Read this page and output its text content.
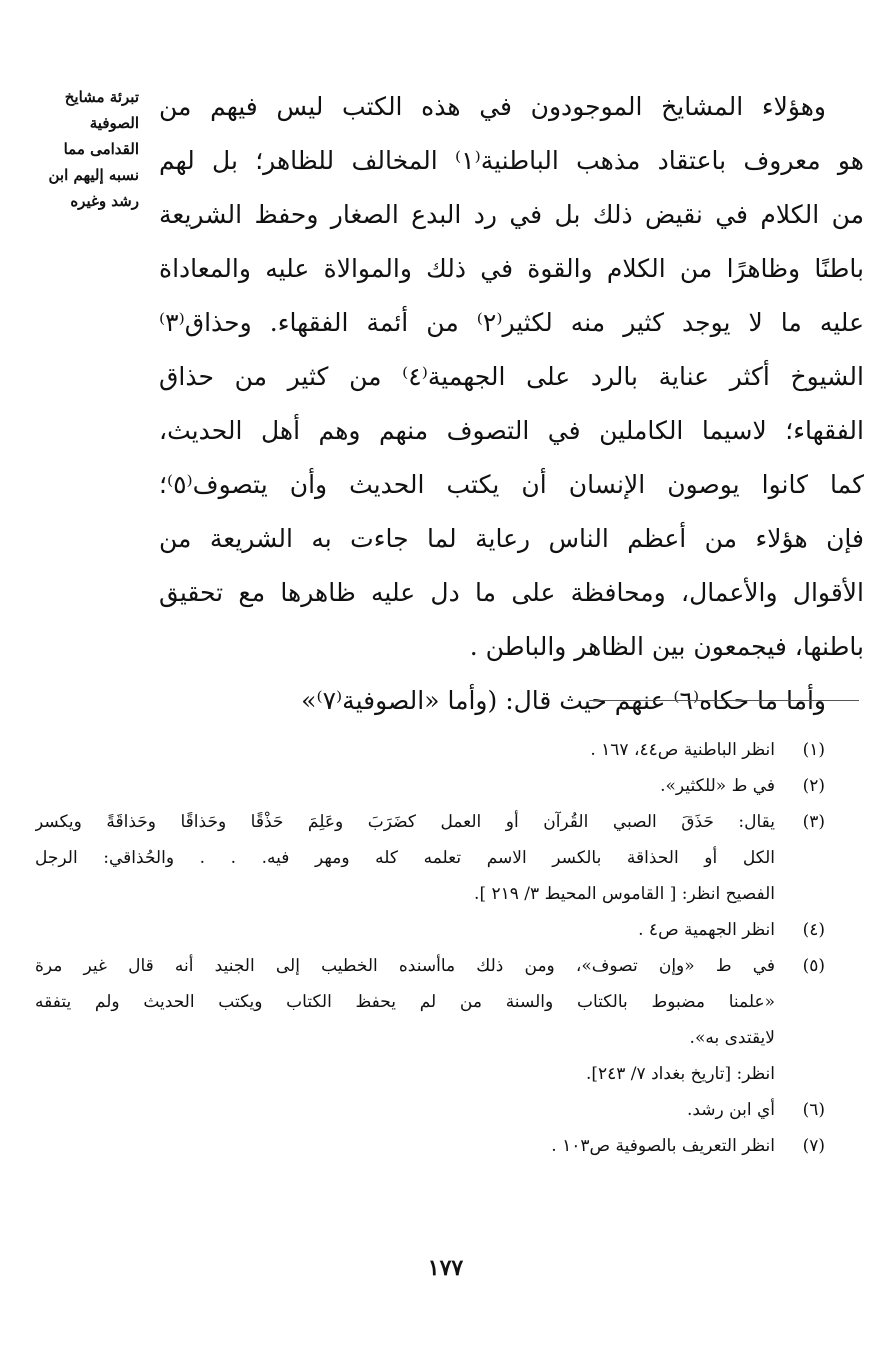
تبرئة مشايخ
الصوفية
القدامى مما
نسبه إليهم ابن
رشد وغيره
وهؤلاء المشايخ الموجودون في هذه الكتب ليس فيهم من
هو معروف باعتقاد مذهب الباطنية⁽١⁾ المخالف للظاهر؛ بل لهم
من الكلام في نقيض ذلك بل في رد البدع الصغار وحفظ الشريعة
باطنًا وظاهرًا من الكلام والقوة في ذلك والموالاة عليه والمعاداة
عليه ما لا يوجد كثير منه لكثير⁽٢⁾ من أئمة الفقهاء. وحذاق⁽٣⁾
الشيوخ أكثر عناية بالرد على الجهمية⁽٤⁾ من كثير من حذاق
الفقهاء؛ لاسيما الكاملين في التصوف منهم وهم أهل الحديث،
كما كانوا يوصون الإنسان أن يكتب الحديث وأن يتصوف⁽٥⁾؛
فإن هؤلاء من أعظم الناس رعاية لما جاءت به الشريعة من
الأقوال والأعمال، ومحافظة على ما دل عليه ظاهرها مع تحقيق
باطنها، فيجمعون بين الظاهر والباطن .
وأما ما حكاه⁽٦⁾ عنهم حيث قال: (وأما «الصوفية⁽٧⁾»
(١)
انظر الباطنية ص٤٤، ١٦٧ .
(٢)
في ط «للكثير».
(٣)
يقال: حَذَقَ الصبي القُرآن أو العمل كضَرَبَ وعَلِمَ حَذْقًا وحَذاقًا وحَذاقَةً ويكسر
الكل أو الحذاقة بالكسر الاسم تعلمه كله ومهر فيه. . . والحُذاقي: الرجل
الفصيح انظر: [ القاموس المحيط ٣/ ٢١٩ ].
(٤)
انظر الجهمية ص٤ .
(٥)
في ط «وإن تصوف»، ومن ذلك ماأسنده الخطيب إلى الجنيد أنه قال غير مرة
«علمنا مضبوط بالكتاب والسنة من لم يحفظ الكتاب ويكتب الحديث ولم يتفقه
لايقتدى به».
انظر: [تاريخ بغداد ٧/ ٢٤٣].
(٦)
أي ابن رشد.
(٧)
انظر التعريف بالصوفية ص١٠٣ .
١٧٧
